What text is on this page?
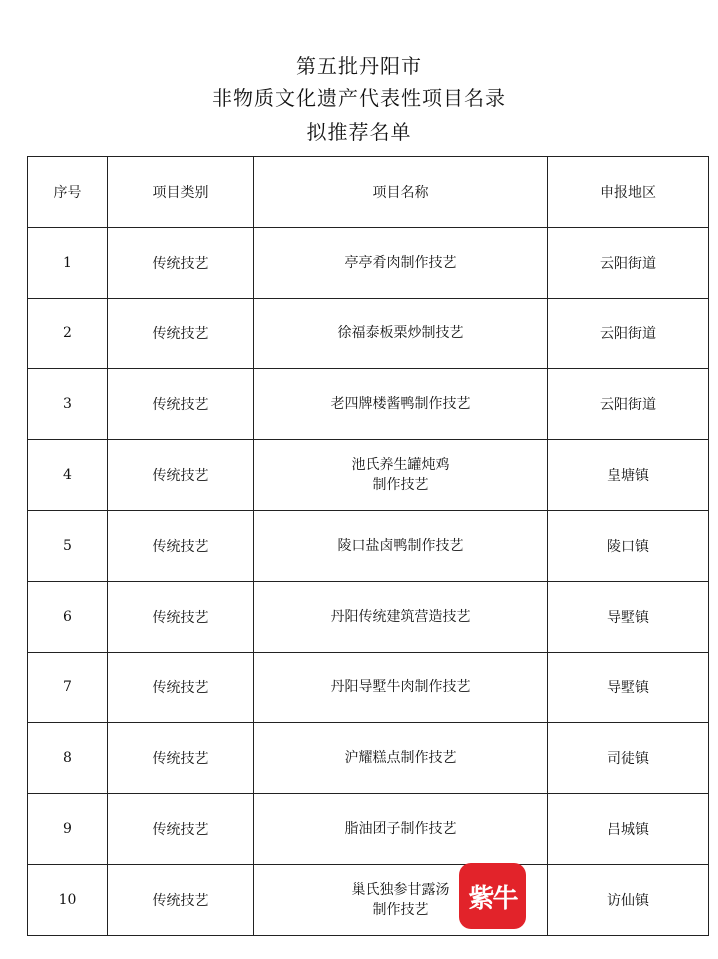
第五批丹阳市
非物质文化遗产代表性项目名录
拟推荐名单
序号	项目类别	项目名称	申报地区
1	传统技艺	亭亭肴肉制作技艺	云阳街道
2	传统技艺	徐福泰板栗炒制技艺	云阳街道
3	传统技艺	老四牌楼酱鸭制作技艺	云阳街道
4	传统技艺	池氏养生罐炖鸡
制作技艺	皇塘镇
5	传统技艺	陵口盐卤鸭制作技艺	陵口镇
6	传统技艺	丹阳传统建筑营造技艺	导墅镇
7	传统技艺	丹阳导墅牛肉制作技艺	导墅镇
8	传统技艺	沪耀糕点制作技艺	司徒镇
9	传统技艺	脂油团子制作技艺	吕城镇
10	传统技艺	巢氏独参甘露汤
制作技艺	访仙镇
紫牛
